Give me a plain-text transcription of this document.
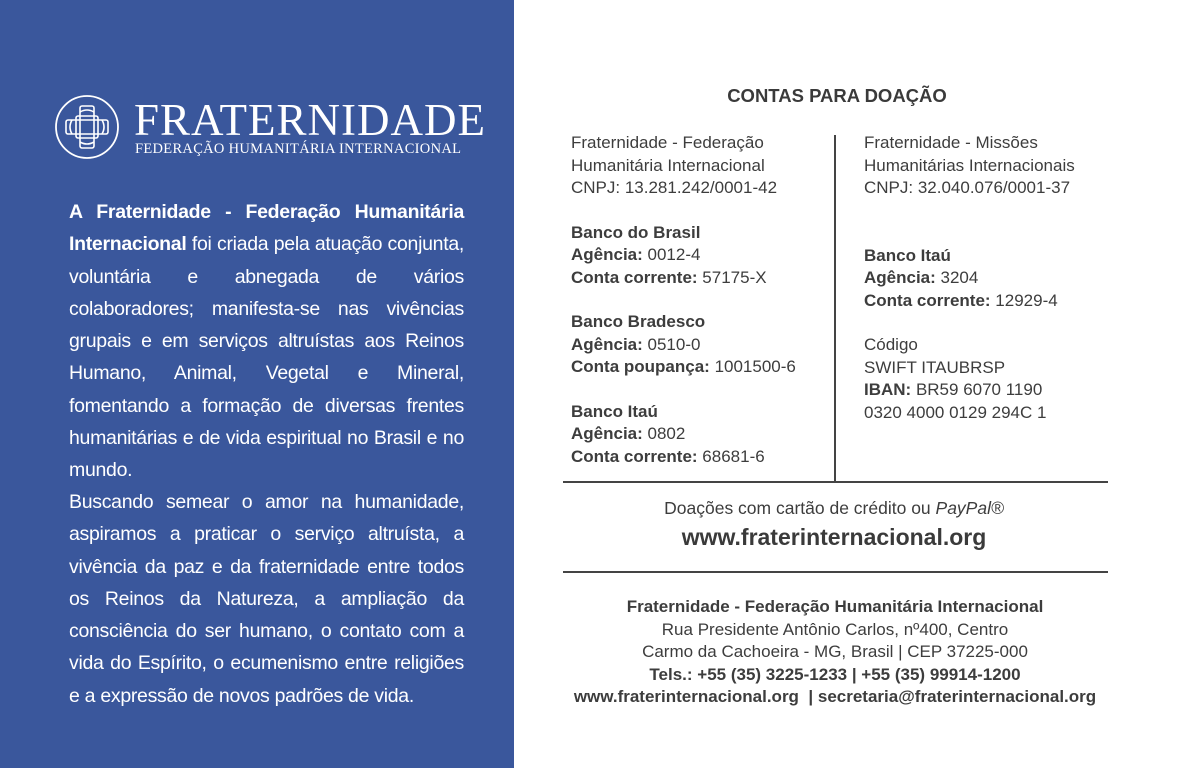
FRATERNIDADE
FEDERAÇÃO HUMANITÁRIA INTERNACIONAL

A Fraternidade - Federação Humanitária Internacional foi criada pela atuação conjunta, voluntária e abnegada de vários colaboradores; manifesta-se nas vivências grupais e em serviços altruístas aos Reinos Humano, Animal, Vegetal e Mineral, fomentando a formação de diversas frentes humanitárias e de vida espiritual no Brasil e no mundo.

Buscando semear o amor na humanidade, aspiramos a praticar o serviço altruísta, a vivência da paz e da fraternidade entre todos os Reinos da Natureza, a ampliação da consciência do ser humano, o contato com a vida do Espírito, o ecumenismo entre religiões e a expressão de novos padrões de vida.

CONTAS PARA DOAÇÃO
Fraternidade - Federação
Humanitária Internacional
CNPJ: 13.281.242/0001-42
Banco do Brasil
Agência: 0012-4
Conta corrente: 57175-X
Banco Bradesco
Agência: 0510-0
Conta poupança: 1001500-6
Banco Itaú
Agência: 0802
Conta corrente: 68681-6
Fraternidade - Missões
Humanitárias Internacionais
CNPJ: 32.040.076/0001-37
Banco Itaú
Agência: 3204
Conta corrente: 12929-4
Código
SWIFT ITAUBRSP
IBAN: BR59 6070 1190
0320 4000 0129 294C 1
Doações com cartão de crédito ou PayPal®
www.fraterinternacional.org
Fraternidade - Federação Humanitária Internacional
Rua Presidente Antônio Carlos, nº400, Centro
Carmo da Cachoeira - MG, Brasil | CEP 37225-000
Tels.: +55 (35) 3225-1233 | +55 (35) 99914-1200
www.fraterinternacional.org  | secretaria@fraterinternacional.org
